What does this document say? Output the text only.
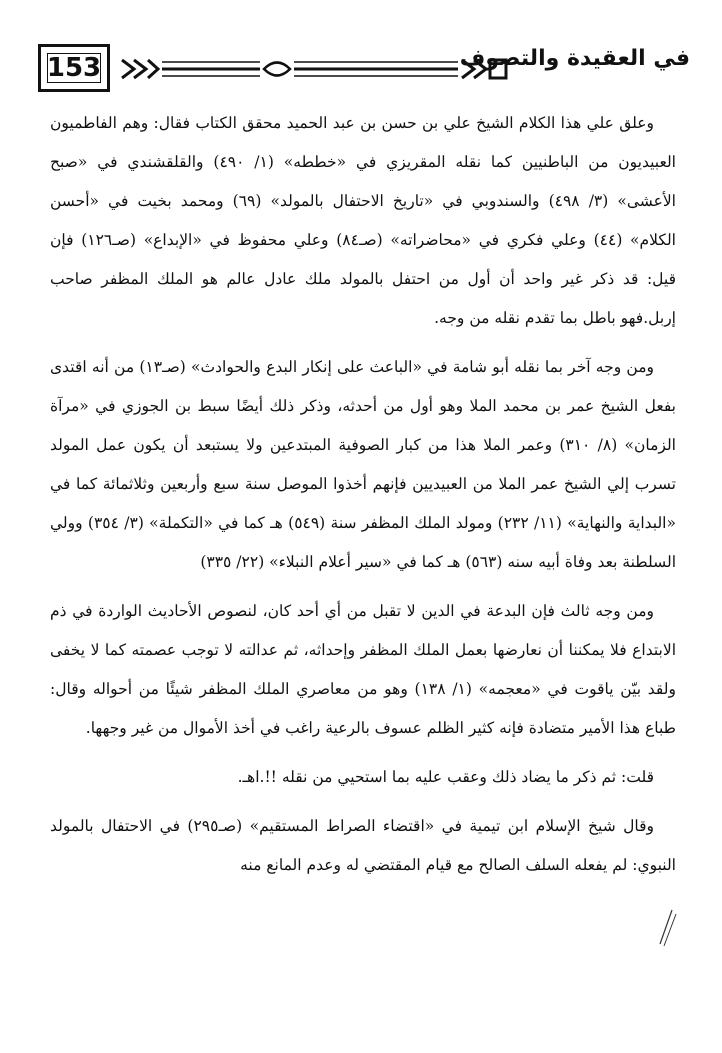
153	في العقيدة والتصوف

وعلق علي هذا الكلام الشيخ علي بن حسن بن عبد الحميد محقق الكتاب فقال: وهم الفاطميون العبيديون من الباطنيين كما نقله المقريزي في «خططه» (١/ ٤٩٠) والقلقشندي في «صبح الأعشى» (٣/ ٤٩٨) والسندوبي في «تاريخ الاحتفال بالمولد» (٦٩) ومحمد بخيت في «أحسن الكلام» (٤٤) وعلي فكري في «محاضراته» (صـ٨٤) وعلي محفوظ في «الإبداع» (صـ١٢٦) فإن قيل: قد ذكر غير واحد أن أول من احتفل بالمولد ملك عادل عالم هو الملك المظفر صاحب إربل.فهو باطل بما تقدم نقله من وجه.

ومن وجه آخر بما نقله أبو شامة في «الباعث على إنكار البدع والحوادث» (صـ١٣) من أنه اقتدى بفعل الشيخ عمر بن محمد الملا وهو أول من أحدثه، وذكر ذلك أيضًا سبط بن الجوزي في «مرآة الزمان» (٨/ ٣١٠) وعمر الملا هذا من كبار الصوفية المبتدعين ولا يستبعد أن يكون عمل المولد تسرب إلي الشيخ عمر الملا من العبيديين فإنهم أخذوا الموصل سنة سبع وأربعين وثلاثمائة كما في «البداية والنهاية» (١١/ ٢٣٢) ومولد الملك المظفر سنة (٥٤٩) هـ كما في «التكملة» (٣/ ٣٥٤) وولي السلطنة بعد وفاة أبيه سنه (٥٦٣) هـ كما في «سير أعلام النبلاء» (٢٢/ ٣٣٥)

ومن وجه ثالث فإن البدعة في الدين لا تقبل من أي أحد كان، لنصوص الأحاديث الواردة في ذم الابتداع فلا يمكننا أن نعارضها بعمل الملك المظفر وإحداثه، ثم عدالته لا توجب عصمته كما لا يخفى ولقد بيّن ياقوت في «معجمه» (١/ ١٣٨) وهو من معاصري الملك المظفر شيئًا من أحواله وقال: طباع هذا الأمير متضادة فإنه كثير الظلم عسوف بالرعية راغب في أخذ الأموال من غير وجهها.

قلت: ثم ذكر ما يضاد ذلك وعقب عليه بما استحيي من نقله !!.اهـ.

وقال شيخ الإسلام ابن تيمية في «اقتضاء الصراط المستقيم» (صـ٢٩٥) في الاحتفال بالمولد النبوي: لم يفعله السلف الصالح مع قيام المقتضي له وعدم المانع منه
